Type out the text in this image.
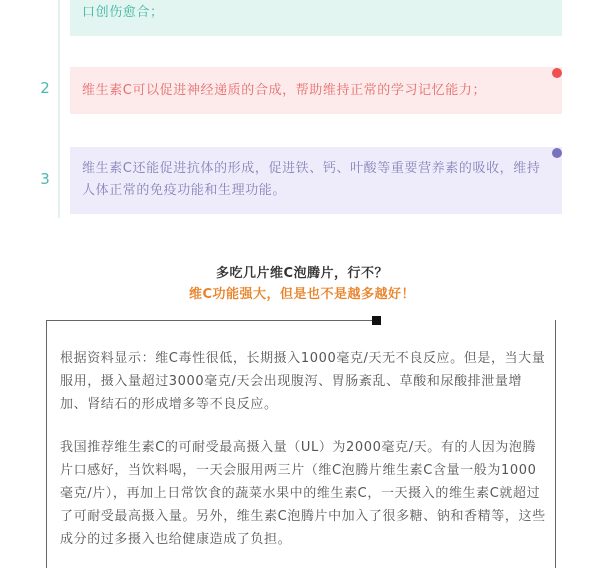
口创伤愈合；
2	维生素C可以促进神经递质的合成，帮助维持正常的学习记忆能力；
3
维生素C还能促进抗体的形成，促进铁、钙、叶酸等重要营养素的吸收，维持人体正常的免疫功能和生理功能。
多吃几片维C泡腾片，行不？
维C功能强大，但是也不是越多越好！

根据资料显示：维C毒性很低，长期摄入1000毫克/天无不良反应。但是，当大量服用，摄入量超过3000毫克/天会出现腹泻、胃肠紊乱、草酸和尿酸排泄量增加、肾结石的形成增多等不良反应。

我国推荐维生素C的可耐受最高摄入量（UL）为2000毫克/天。有的人因为泡腾片口感好，当饮料喝，一天会服用两三片（维C泡腾片维生素C含量一般为1000毫克/片），再加上日常饮食的蔬菜水果中的维生素C，一天摄入的维生素C就超过了可耐受最高摄入量。另外，维生素C泡腾片中加入了很多糖、钠和香精等，这些成分的过多摄入也给健康造成了负担。
